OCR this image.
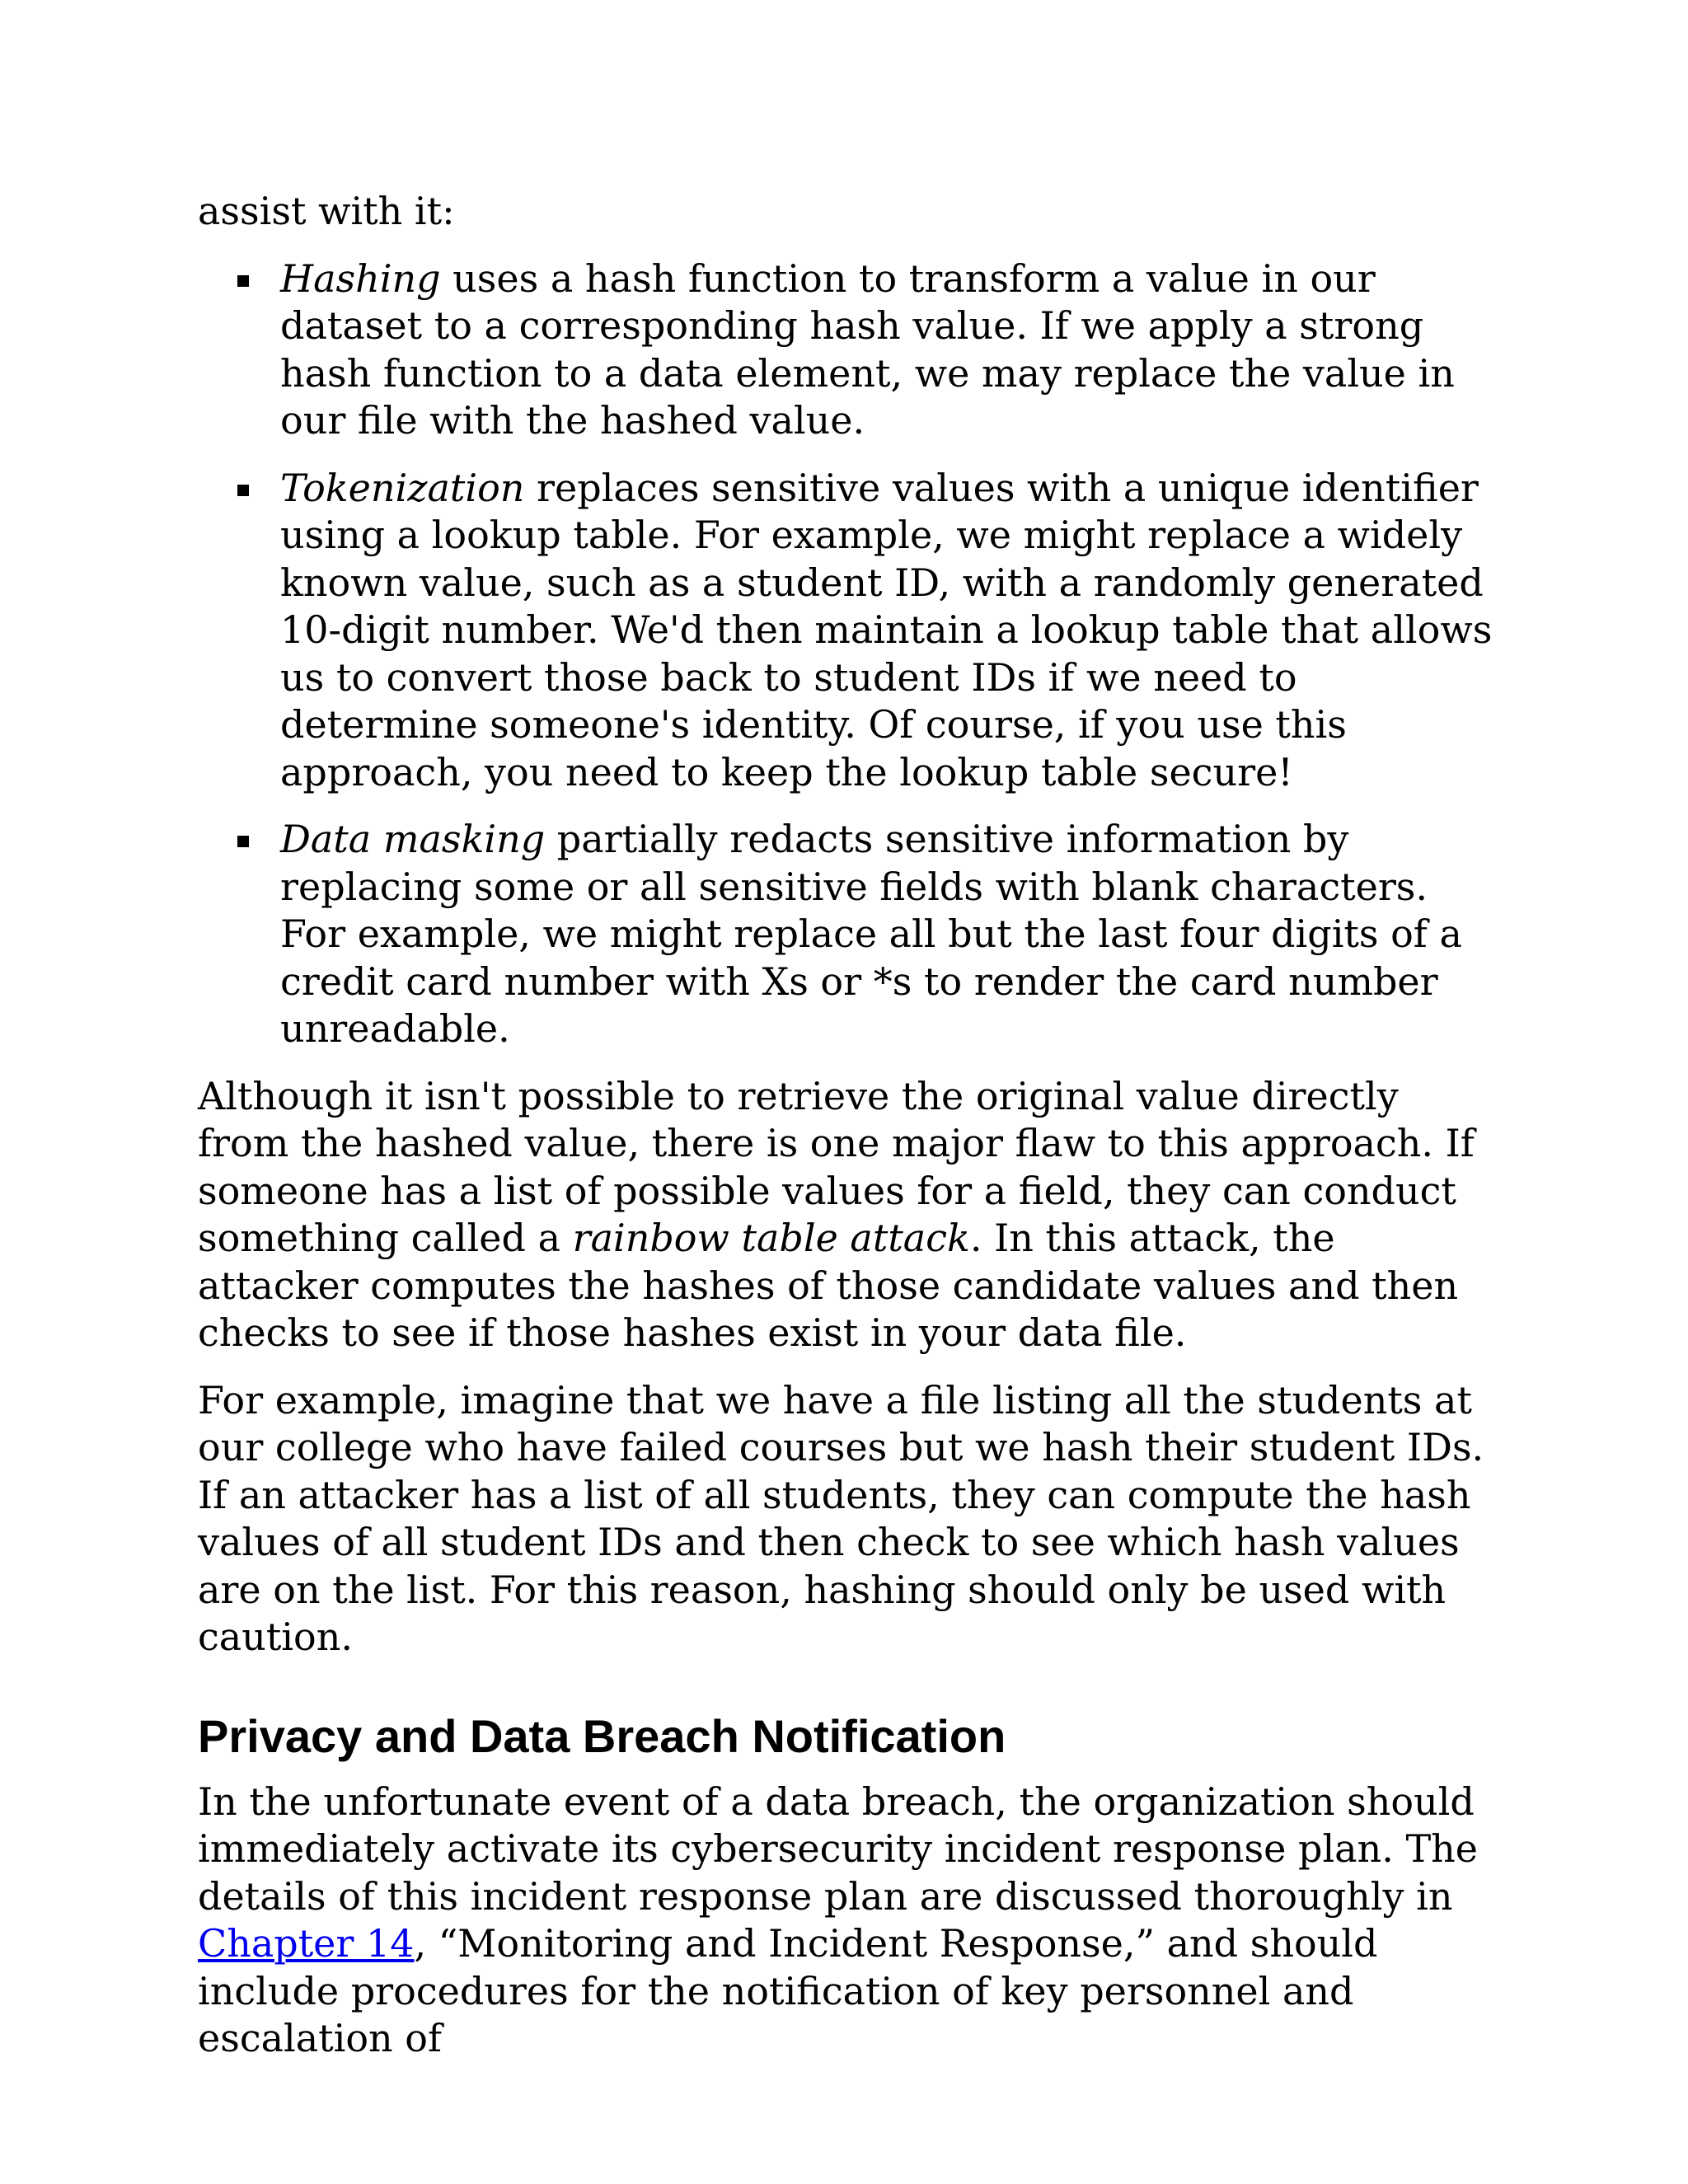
assist with it:

Hashing uses a hash function to transform a value in our dataset to a corresponding hash value. If we apply a strong hash function to a data element, we may replace the value in our file with the hashed value.
Tokenization replaces sensitive values with a unique identifier using a lookup table. For example, we might replace a widely known value, such as a student ID, with a randomly generated 10-digit number. We'd then maintain a lookup table that allows us to convert those back to student IDs if we need to determine someone's identity. Of course, if you use this approach, you need to keep the lookup table secure!
Data masking partially redacts sensitive information by replacing some or all sensitive fields with blank characters. For example, we might replace all but the last four digits of a credit card number with Xs or *s to render the card number unreadable.

Although it isn't possible to retrieve the original value directly from the hashed value, there is one major flaw to this approach. If someone has a list of possible values for a field, they can conduct something called a rainbow table attack. In this attack, the attacker computes the hashes of those candidate values and then checks to see if those hashes exist in your data file.

For example, imagine that we have a file listing all the students at our college who have failed courses but we hash their student IDs. If an attacker has a list of all students, they can compute the hash values of all student IDs and then check to see which hash values are on the list. For this reason, hashing should only be used with caution.

Privacy and Data Breach Notification

In the unfortunate event of a data breach, the organization should immediately activate its cybersecurity incident response plan. The details of this incident response plan are discussed thoroughly in Chapter 14, “Monitoring and Incident Response,” and should include procedures for the notification of key personnel and escalation of
